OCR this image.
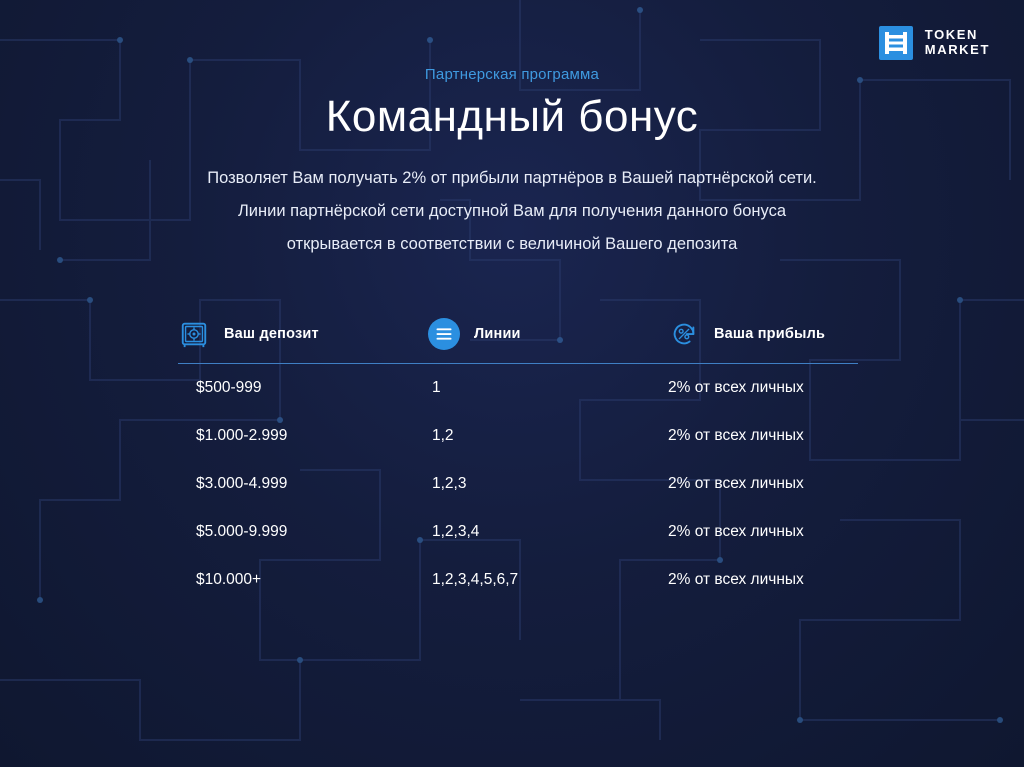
TOKEN
MARKET
Партнерская программа
Командный бонус
Позволяет Вам получать 2% от прибыли партнёров в Вашей партнёрской сети.
Линии партнёрской сети доступной Вам для получения данного бонуса
открывается в соответствии с величиной Вашего депозита
Ваш депозит	Линии	Ваша прибыль
$500-999	1	2% от всех личных
$1.000-2.999	1,2	2% от всех личных
$3.000-4.999	1,2,3	2% от всех личных
$5.000-9.999	1,2,3,4	2% от всех личных
$10.000+	1,2,3,4,5,6,7	2% от всех личных
